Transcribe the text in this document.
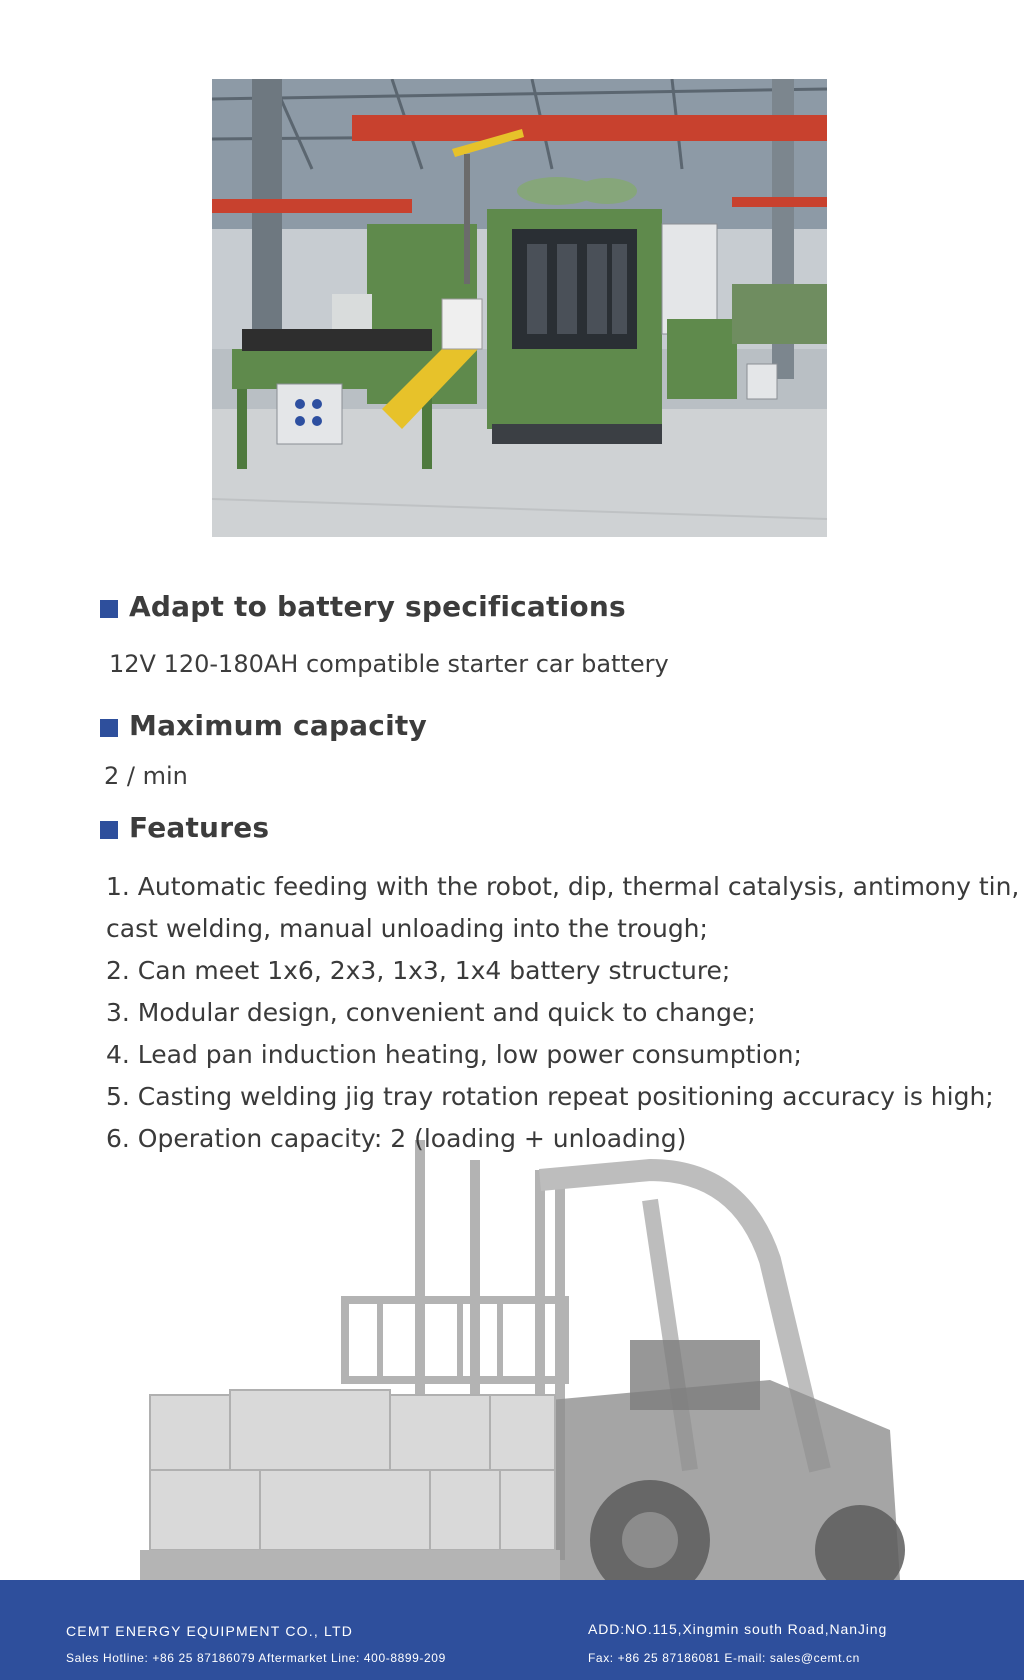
Adapt to battery specifications
12V 120-180AH compatible starter car battery
Maximum capacity
2 / min
Features
1. Automatic feeding with the robot, dip, thermal catalysis, antimony tin,
cast welding, manual unloading into the trough;
2. Can meet 1x6, 2x3, 1x3, 1x4 battery structure;
3. Modular design, convenient and quick to change;
4. Lead pan induction heating, low power consumption;
5. Casting welding jig tray rotation repeat positioning accuracy is high;
6. Operation capacity: 2 (loading + unloading)
CEMT ENERGY EQUIPMENT CO., LTD
Sales Hotline: +86 25 87186079 Aftermarket Line: 400-8899-209
ADD:NO.115,Xingmin south Road,NanJing
Fax: +86 25 87186081 E-mail: sales@cemt.cn
